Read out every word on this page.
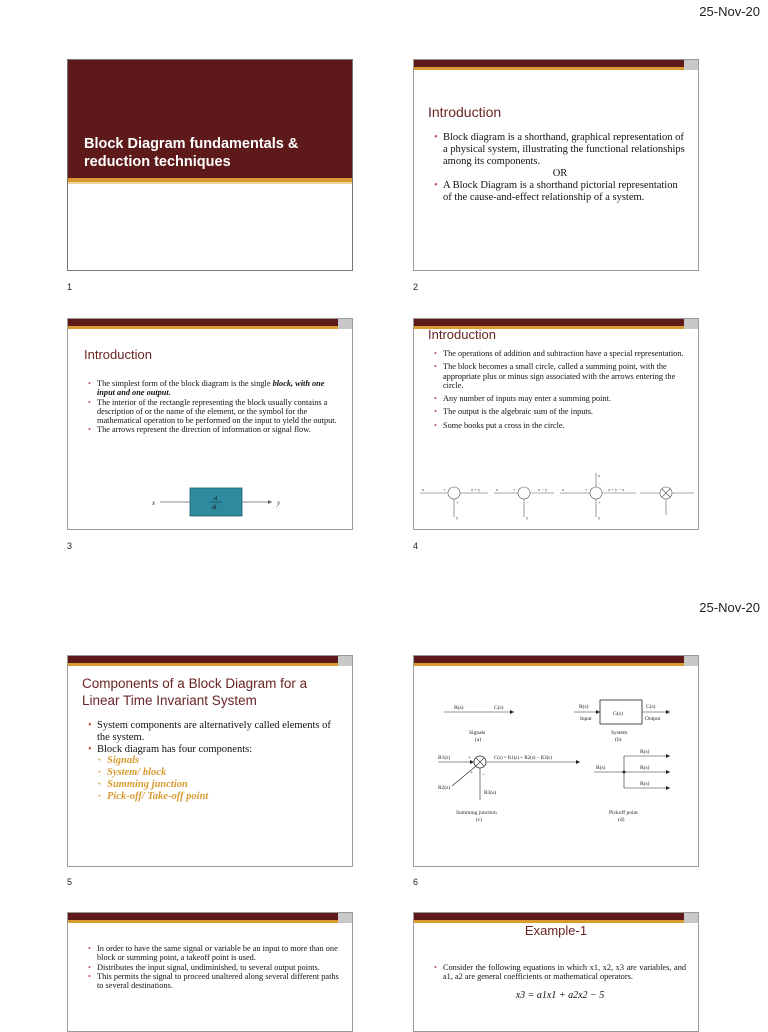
25-Nov-20
Block Diagram fundamentals & reduction techniques
1
Introduction
• Block diagram is a shorthand, graphical representation of a physical system, illustrating the functional relationships among its components.
OR
• A Block Diagram is a shorthand pictorial representation of the cause-and-effect relationship of a system.
2
Introduction
• The simplest form of the block diagram is the single block, with one input and one output.
• The interior of the rectangle representing the block usually contains a description of or the name of the element, or the symbol for the mathematical operation to be performed on the input to yield the output.
• The arrows represent the direction of information or signal flow.
x	y
d
dt
3
Introduction
• The operations of addition and subtraction have a special representation.
• The block becomes a small circle, called a summing point, with the appropriate plus or minus sign associated with the arrows entering the circle.
• Any number of inputs may enter a summing point.
• The output is the algebraic sum of the inputs.
• Some books put a cross in the circle.
x	+
+
y
x + y	x	+
−
y
x − y	x
z
+
−
+
y
x + y − z
4
25-Nov-20
Components of a Block Diagram for a Linear Time Invariant System
• System components are alternatively called elements of the system.
• Block diagram has four components:
· Signals
· System/ block
· Summing junction
· Pick-off/ Take-off point
5
R(s)	C(s)
Signals
(a)
R(s)
G(s)
C(s)
Input	Output
System
(b)
R1(s)
R2(s)
R3(s)
C(s) = R1(s) + R2(s) − R3(s)
+
+ −
Summing junction
(c)
R(s)
R(s)
R(s)
R(s)
Pickoff point
(d)
6
• In order to have the same signal or variable be an input to more than one block or summing point, a takeoff point is used.
• Distributes the input signal, undiminished, to several output points.
• This permits the signal to proceed unaltered along several different paths to several destinations.
Example-1
• Consider the following equations in which x1, x2, x3 are variables, and a1, a2 are general coefficients or mathematical operators.
x3 = a1x1 + a2x2 − 5
